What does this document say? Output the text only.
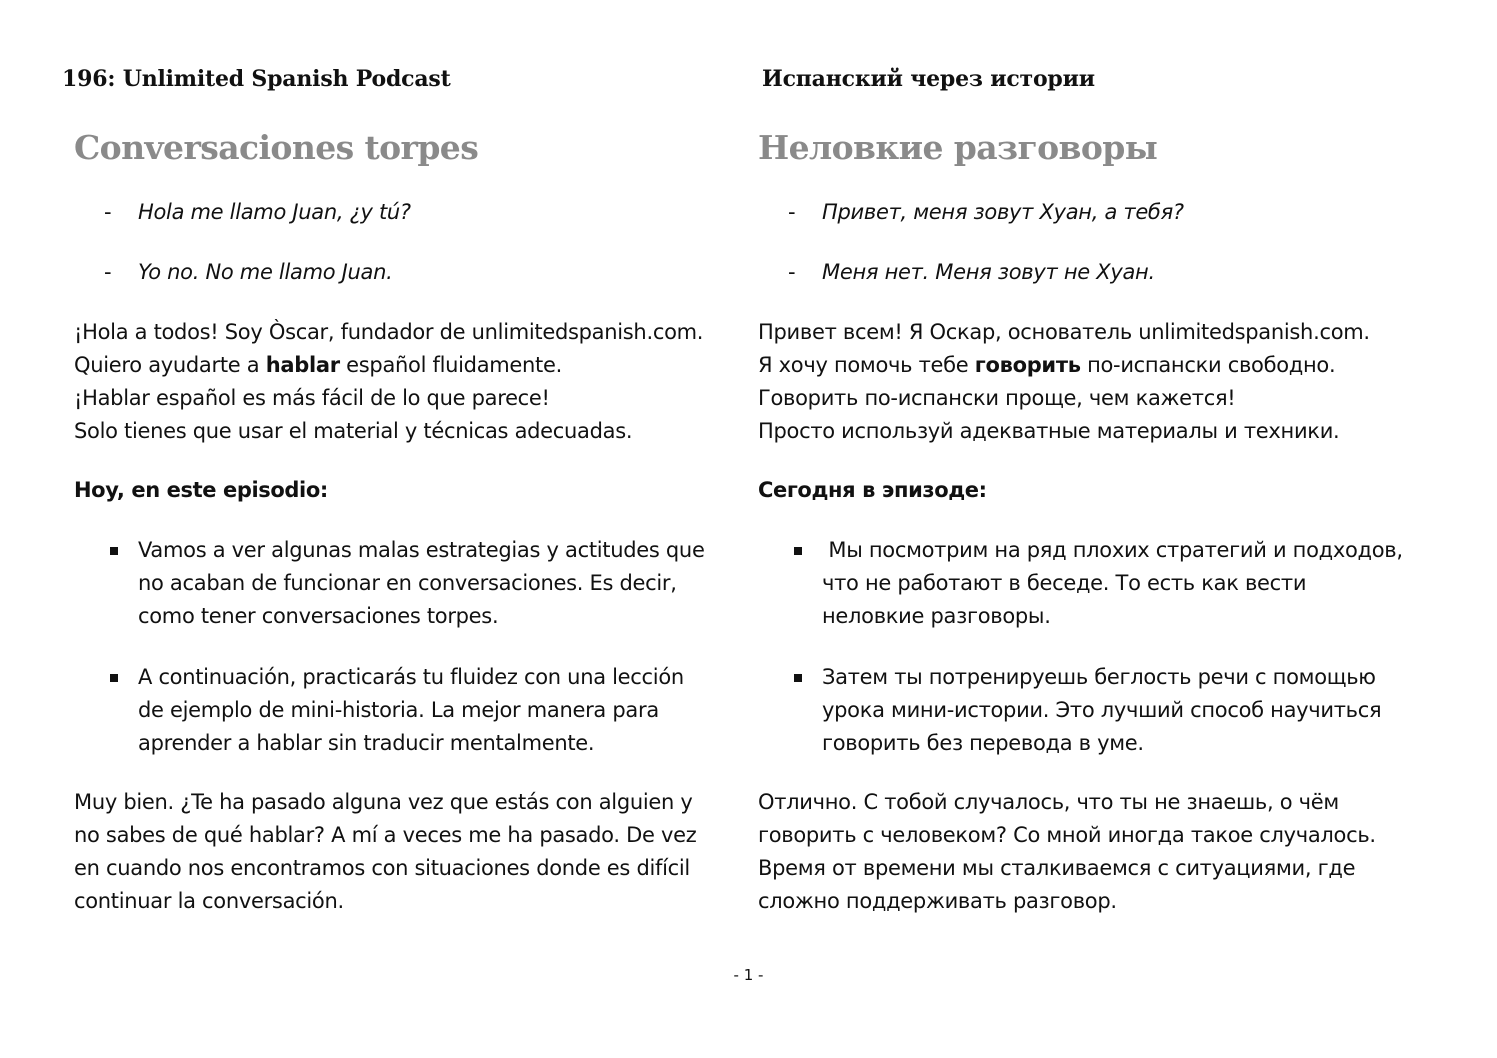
196: Unlimited Spanish Podcast
Conversaciones torpes

- Hola me llamo Juan, ¿y tú?

- Yo no. No me llamo Juan.

¡Hola a todos! Soy Òscar, fundador de unlimitedspanish.com.
Quiero ayudarte a hablar español fluidamente.
¡Hablar español es más fácil de lo que parece!
Solo tienes que usar el material y técnicas adecuadas.

Hoy, en este episodio:

Vamos a ver algunas malas estrategias y actitudes que
no acaban de funcionar en conversaciones. Es decir,
como tener conversaciones torpes.
A continuación, practicarás tu fluidez con una lección
de ejemplo de mini-historia. La mejor manera para
aprender a hablar sin traducir mentalmente.

Muy bien. ¿Te ha pasado alguna vez que estás con alguien y
no sabes de qué hablar? A mí a veces me ha pasado. De vez
en cuando nos encontramos con situaciones donde es difícil
continuar la conversación.

Испанский через истории
Неловкие разговоры

- Привет, меня зовут Хуан, а тебя?

- Меня нет. Меня зовут не Хуан.

Привет всем! Я Оскар, основатель unlimitedspanish.com.
Я хочу помочь тебе говорить по-испански свободно.
Говорить по-испански проще, чем кажется!
Просто используй адекватные материалы и техники.

Сегодня в эпизоде:

Мы посмотрим на ряд плохих стратегий и подходов,
что не работают в беседе. То есть как вести
неловкие разговоры.
Затем ты потренируешь беглость речи с помощью
урока мини-истории. Это лучший способ научиться
говорить без перевода в уме.

Отлично. С тобой случалось, что ты не знаешь, о чём
говорить с человеком? Со мной иногда такое случалось.
Время от времени мы сталкиваемся с ситуациями, где
сложно поддерживать разговор.

- 1 -
